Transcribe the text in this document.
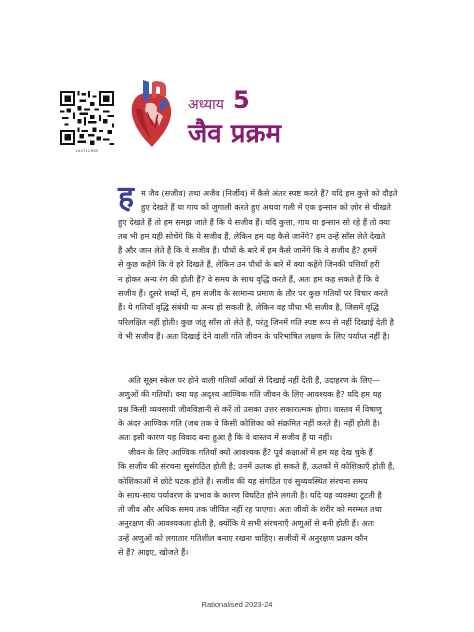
10571CH05
अध्याय 5
जैव प्रक्रम
ह म जैव (सजीव) तथा अजैव (निर्जीव) में कैसे अंतर स्पष्ट करते हैं? यदि हम कुत्ते को दौड़ते
हुए देखते हैं या गाय को जुगाली करते हुए अथवा गली में एक इन्सान को ज़ोर से चीखते
हुए देखते हैं तो हम समझ जाते हैं कि ये सजीव हैं। यदि कुत्ता, गाय या इन्सान सो रहे हैं तो क्या
तब भी हम यही सोचेंगे कि ये सजीव हैं, लेकिन हम यह कैसे जानेंगे? हम उन्हें साँस लेते देखते
हैं और जान लेते हैं कि वे सजीव हैं। पौधों के बारे में हम कैसे जानेंगे कि वे सजीव हैं? हममें
से कुछ कहेंगे कि वे हरे दिखते हैं, लेकिन उन पौधों के बारे में क्या कहेंगे जिनकी पत्तियाँ हरी
न होकर अन्य रंग की होती हैं? वे समय के साथ वृद्धि करते हैं, अतः हम कह सकते हैं कि वे
सजीव हैं। दूसरे शब्दों में, हम सजीव के सामान्य प्रमाण के तौर पर कुछ गतियों पर विचार करते
हैं। ये गतियाँ वृद्धि संबंधी या अन्य हो सकती है, लेकिन वह पौधा भी सजीव है, जिसमें वृद्धि
परिलक्षित नहीं होती। कुछ जंतु साँस तो लेते हैं, परंतु जिनमें गति स्पष्ट रूप से नहीं दिखाई देती है
वे भी सजीव हैं। अतः दिखाई देने वाली गति जीवन के परिभाषित लक्षण के लिए पर्याप्त नहीं है।
अति सूक्ष्म स्केल पर होने वाली गतियाँ आँखों से दिखाई नहीं देती हैं, उदाहरण के लिए—
अणुओं की गतियाँ। क्या यह अदृश्य आण्विक गति जीवन के लिए आवश्यक है? यदि हम यह
प्रश्न किसी व्यवसायी जीवविज्ञानी से करें तो उसका उत्तर सकारात्मक होगा। वास्तव में विषाणु
के अंदर आण्विक गति (जब तक वे किसी कोशिका को संक्रमित नहीं करते हैं) नहीं होती है।
अतः इसी कारण यह विवाद बना हुआ है कि वे वास्तव में सजीव हैं या नहीं।
जीवन के लिए आण्विक गतियाँ क्यों आवश्यक हैं? पूर्व कक्षाओं में हम यह देख चुके हैं
कि सजीव की संरचना सुसंगठित होती है; उनमें ऊतक हो सकते हैं, ऊतकों में कोशिकाएँ होती हैं,
कोशिकाओं में छोटे घटक होते हैं। सजीव की यह संगठित एवं सुव्यवस्थित संरचना समय
के साथ-साथ पर्यावरण के प्रभाव के कारण विघटित होने लगती है। यदि यह व्यवस्था टूटती है
तो जीव और अधिक समय तक जीवित नहीं रह पाएगा। अतः जीवों के शरीर को मरम्मत तथा
अनुरक्षण की आवश्यकता होती है, क्योंकि ये सभी संरचनाएँ अणुओं से बनी होती हैं। अतः
उन्हें अणुओं को लगातार गतिशील बनाए रखना चाहिए। सजीवों में अनुरक्षण प्रक्रम कौन
से हैं? आइए, खोजते हैं।
Rationalised 2023-24
